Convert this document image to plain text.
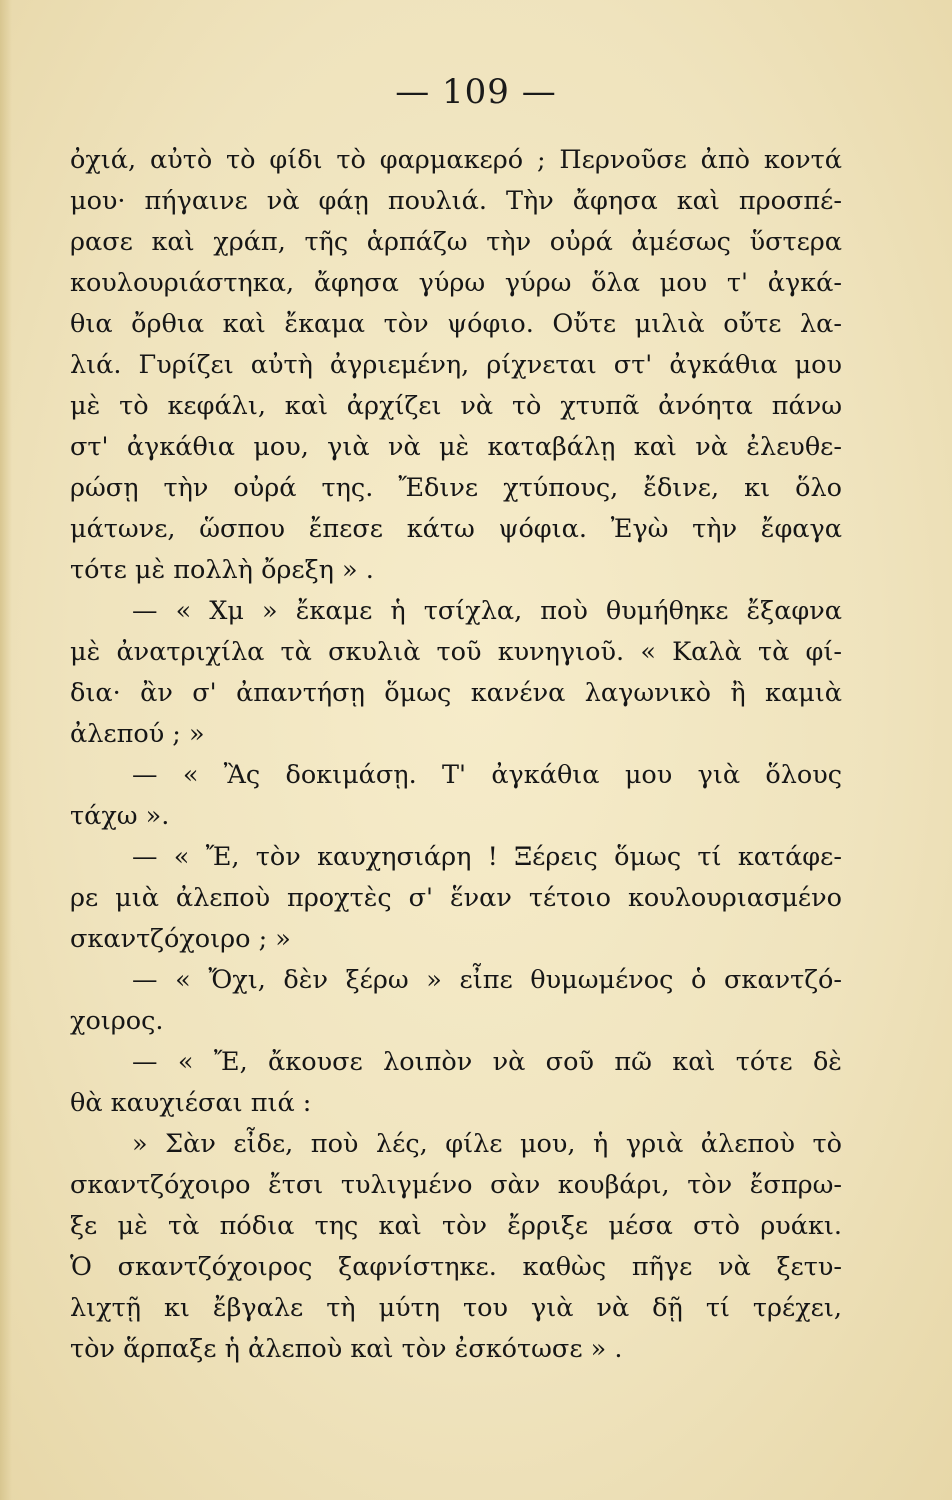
— 109 —
ὀχιά, αὐτὸ τὸ φίδι τὸ φαρμακερό ; Περνοῦσε ἀπὸ κοντά
μου· πήγαινε νὰ φάῃ πουλιά. Τὴν ἄφησα καὶ προσπέ-
ρασε καὶ χράπ, τῆς ἁρπάζω τὴν οὐρά ἀμέσως ὕστερα
κουλουριάστηκα, ἄφησα γύρω γύρω ὅλα μου τ' ἀγκά-
θια ὄρθια καὶ ἔκαμα τὸν ψόφιο. Οὔτε μιλιὰ οὔτε λα-
λιά. Γυρίζει αὐτὴ ἀγριεμένη, ρίχνεται στ' ἀγκάθια μου
μὲ τὸ κεφάλι, καὶ ἀρχίζει νὰ τὸ χτυπᾶ ἀνόητα πάνω
στ' ἀγκάθια μου, γιὰ νὰ μὲ καταβάλῃ καὶ νὰ ἐλευθε-
ρώσῃ τὴν οὐρά της. Ἔδινε χτύπους, ἔδινε, κι ὅλο
μάτωνε, ὥσπου ἔπεσε κάτω ψόφια. Ἐγὼ τὴν ἔφαγα
τότε μὲ πολλὴ ὄρεξη » .
— « Χμ » ἔκαμε ἡ τσίχλα, ποὺ θυμήθηκε ἔξαφνα
μὲ ἀνατριχίλα τὰ σκυλιὰ τοῦ κυνηγιοῦ. « Καλὰ τὰ φί-
δια· ἂν σ' ἀπαντήσῃ ὅμως κανένα λαγωνικὸ ἢ καμιὰ
ἀλεπού ; »
— « Ἂς δοκιμάσῃ. Τ' ἀγκάθια μου γιὰ ὅλους
τάχω ».
— « Ἔ, τὸν καυχησιάρη ! Ξέρεις ὅμως τί κατάφε-
ρε μιὰ ἀλεποὺ προχτὲς σ' ἕναν τέτοιο κουλουριασμένο
σκαντζόχοιρο ; »
— « Ὄχι, δὲν ξέρω » εἶπε θυμωμένος ὁ σκαντζό-
χοιρος.
— « Ἔ, ἄκουσε λοιπὸν νὰ σοῦ πῶ καὶ τότε δὲ
θὰ καυχιέσαι πιά :
» Σὰν εἶδε, ποὺ λές, φίλε μου, ἡ γριὰ ἀλεποὺ τὸ
σκαντζόχοιρο ἔτσι τυλιγμένο σὰν κουβάρι, τὸν ἔσπρω-
ξε μὲ τὰ πόδια της καὶ τὸν ἔρριξε μέσα στὸ ρυάκι.
Ὁ σκαντζόχοιρος ξαφνίστηκε. καθὼς πῆγε νὰ ξετυ-
λιχτῇ κι ἔβγαλε τὴ μύτη του γιὰ νὰ δῇ τί τρέχει,
τὸν ἅρπαξε ἡ ἀλεποὺ καὶ τὸν ἐσκότωσε » .
